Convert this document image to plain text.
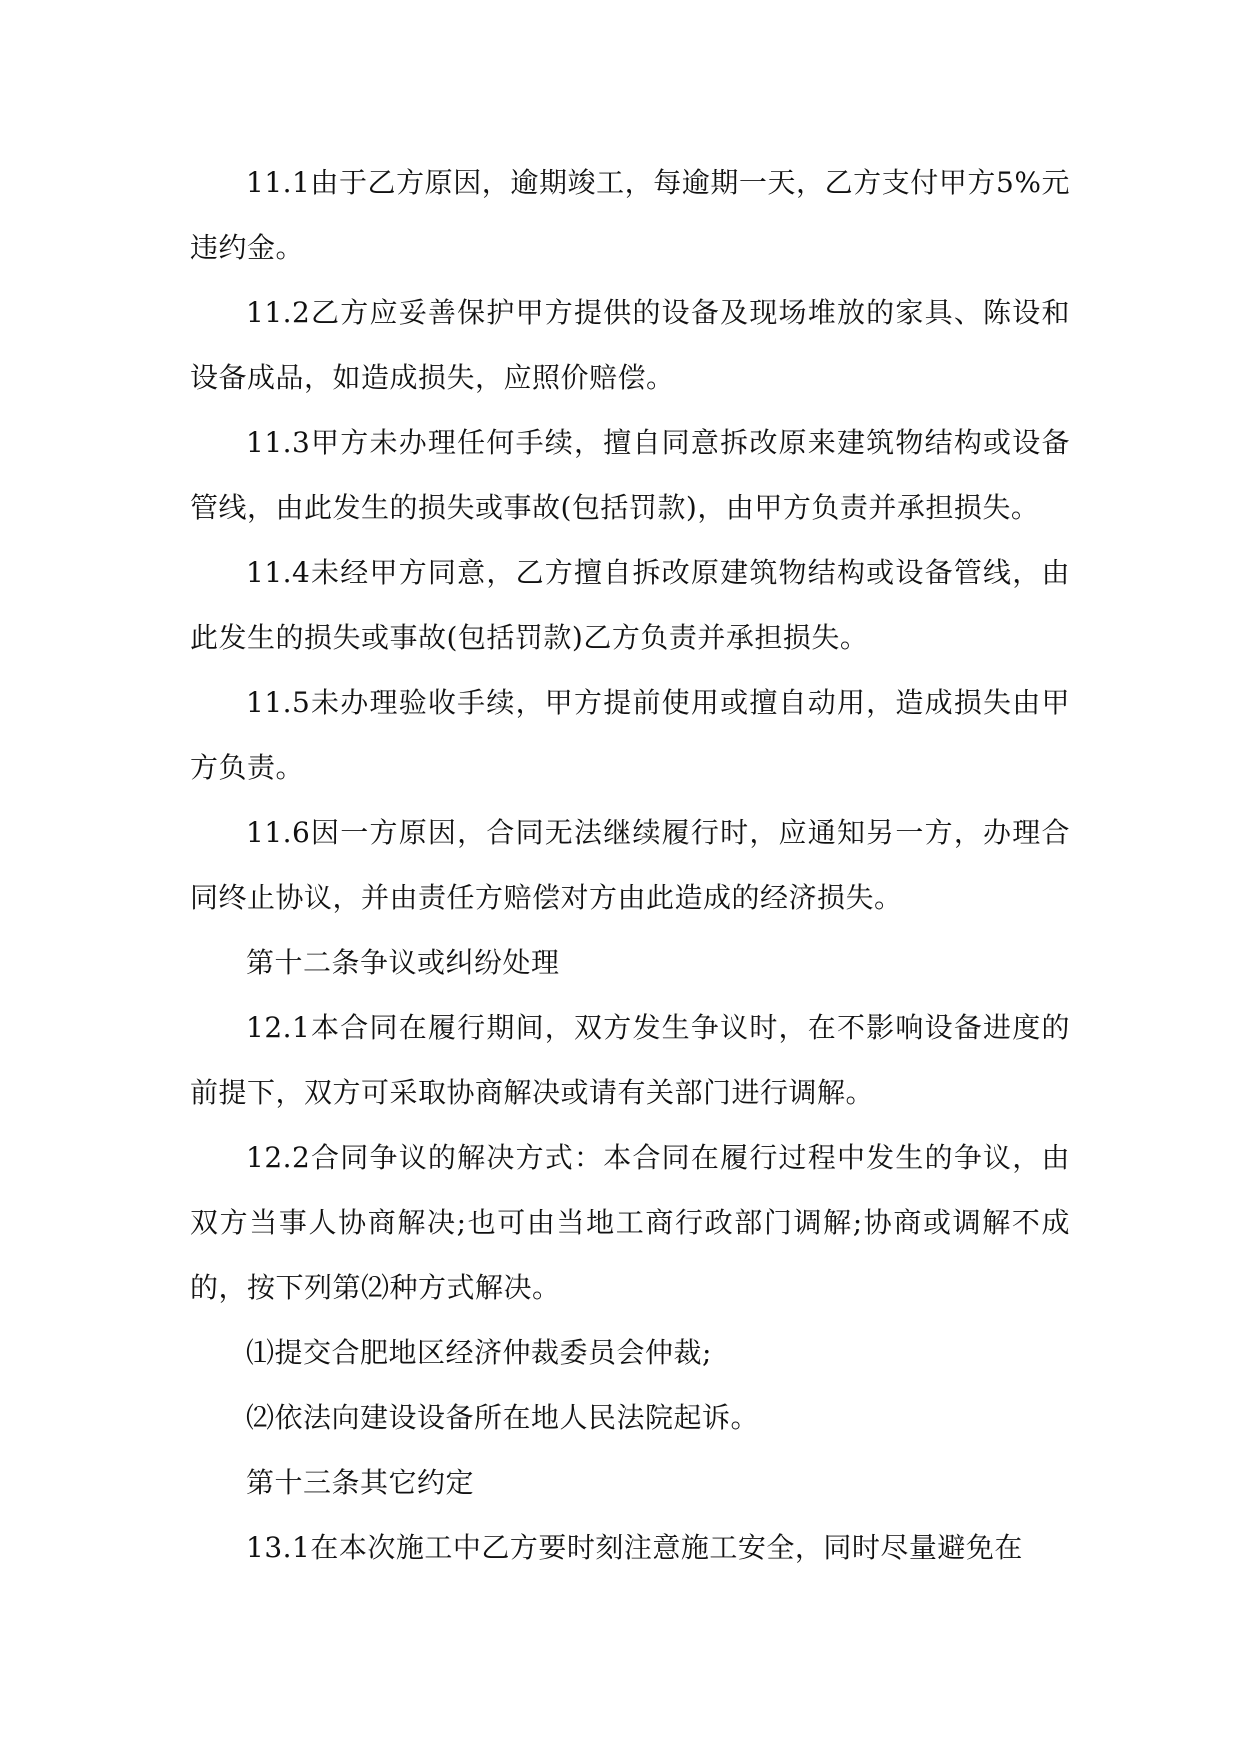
11.1由于乙方原因，逾期竣工，每逾期一天，乙方支付甲方5%元违约金。

11.2乙方应妥善保护甲方提供的设备及现场堆放的家具、陈设和设备成品，如造成损失，应照价赔偿。

11.3甲方未办理任何手续，擅自同意拆改原来建筑物结构或设备管线，由此发生的损失或事故(包括罚款)，由甲方负责并承担损失。

11.4未经甲方同意，乙方擅自拆改原建筑物结构或设备管线，由此发生的损失或事故(包括罚款)乙方负责并承担损失。

11.5未办理验收手续，甲方提前使用或擅自动用，造成损失由甲方负责。

11.6因一方原因，合同无法继续履行时，应通知另一方，办理合同终止协议，并由责任方赔偿对方由此造成的经济损失。

第十二条争议或纠纷处理

12.1本合同在履行期间，双方发生争议时，在不影响设备进度的前提下，双方可采取协商解决或请有关部门进行调解。

12.2合同争议的解决方式：本合同在履行过程中发生的争议，由双方当事人协商解决;也可由当地工商行政部门调解;协商或调解不成的，按下列第⑵种方式解决。

⑴提交合肥地区经济仲裁委员会仲裁;

⑵依法向建设设备所在地人民法院起诉。

第十三条其它约定

13.1在本次施工中乙方要时刻注意施工安全，同时尽量避免在
